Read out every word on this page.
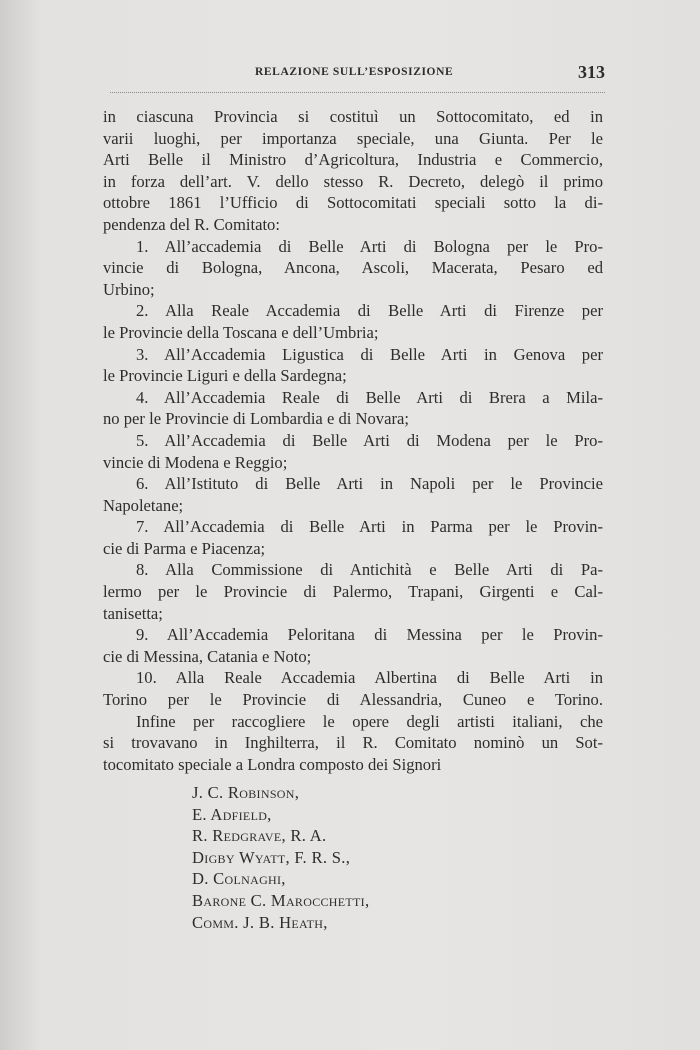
RELAZIONE SULL’ESPOSIZIONE	313
in ciascuna Provincia si costituì un Sottocomitato, ed in
varii luoghi, per importanza speciale, una Giunta. Per le
Arti Belle il Ministro d’Agricoltura, Industria e Commercio,
in forza dell’art. V. dello stesso R. Decreto, delegò il primo
ottobre 1861 l’Ufficio di Sottocomitati speciali sotto la di-
pendenza del R. Comitato:
1. All’accademia di Belle Arti di Bologna per le Pro-
vincie di Bologna, Ancona, Ascoli, Macerata, Pesaro ed
Urbino;
2. Alla Reale Accademia di Belle Arti di Firenze per
le Provincie della Toscana e dell’Umbria;
3. All’Accademia Ligustica di Belle Arti in Genova per
le Provincie Liguri e della Sardegna;
4. All’Accademia Reale di Belle Arti di Brera a Mila-
no per le Provincie di Lombardia e di Novara;
5. All’Accademia di Belle Arti di Modena per le Pro-
vincie di Modena e Reggio;
6. All’Istituto di Belle Arti in Napoli per le Provincie
Napoletane;
7. All’Accademia di Belle Arti in Parma per le Provin-
cie di Parma e Piacenza;
8. Alla Commissione di Antichità e Belle Arti di Pa-
lermo per le Provincie di Palermo, Trapani, Girgenti e Cal-
tanisetta;
9. All’Accademia Peloritana di Messina per le Provin-
cie di Messina, Catania e Noto;
10. Alla Reale Accademia Albertina di Belle Arti in
Torino per le Provincie di Alessandria, Cuneo e Torino.
Infine per raccogliere le opere degli artisti italiani, che
si trovavano in Inghilterra, il R. Comitato nominò un Sot-
tocomitato speciale a Londra composto dei Signori
J. C. Robinson,
E. Adfield,
R. Redgrave, R. A.
Digby Wyatt, F. R. S.,
D. Colnaghi,
Barone C. Marocchetti,
Comm. J. B. Heath,
